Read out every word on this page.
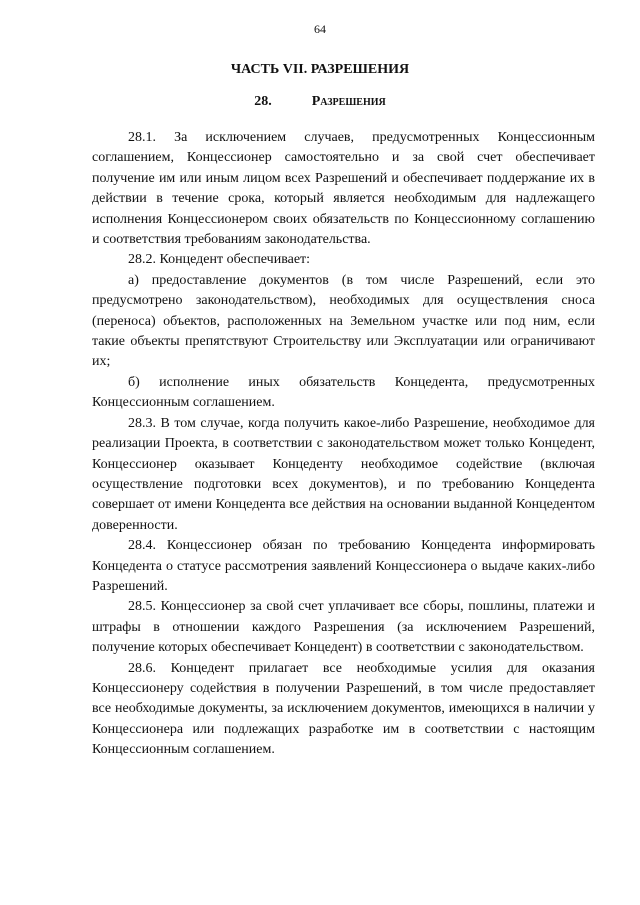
64
ЧАСТЬ VII. РАЗРЕШЕНИЯ
28.	Разрешения

28.1. За исключением случаев, предусмотренных Концессионным соглашением, Концессионер самостоятельно и за свой счет обеспечивает получение им или иным лицом всех Разрешений и обеспечивает поддержание их в действии в течение срока, который является необходимым для надлежащего исполнения Концессионером своих обязательств по Концессионному соглашению и соответствия требованиям законодательства.

28.2. Концедент обеспечивает:

а) предоставление документов (в том числе Разрешений, если это предусмотрено законодательством), необходимых для осуществления сноса (переноса) объектов, расположенных на Земельном участке или под ним, если такие объекты препятствуют Строительству или Эксплуатации или ограничивают их;

б) исполнение иных обязательств Концедента, предусмотренных Концессионным соглашением.

28.3. В том случае, когда получить какое-либо Разрешение, необходимое для реализации Проекта, в соответствии с законодательством может только Концедент, Концессионер оказывает Концеденту необходимое содействие (включая осуществление подготовки всех документов), и по требованию Концедента совершает от имени Концедента все действия на основании выданной Концедентом доверенности.

28.4. Концессионер обязан по требованию Концедента информировать Концедента о статусе рассмотрения заявлений Концессионера о выдаче каких-либо Разрешений.

28.5. Концессионер за свой счет уплачивает все сборы, пошлины, платежи и штрафы в отношении каждого Разрешения (за исключением Разрешений, получение которых обеспечивает Концедент) в соответствии с законодательством.

28.6. Концедент прилагает все необходимые усилия для оказания Концессионеру содействия в получении Разрешений, в том числе предоставляет все необходимые документы, за исключением документов, имеющихся в наличии у Концессионера или подлежащих разработке им в соответствии с настоящим Концессионным соглашением.
